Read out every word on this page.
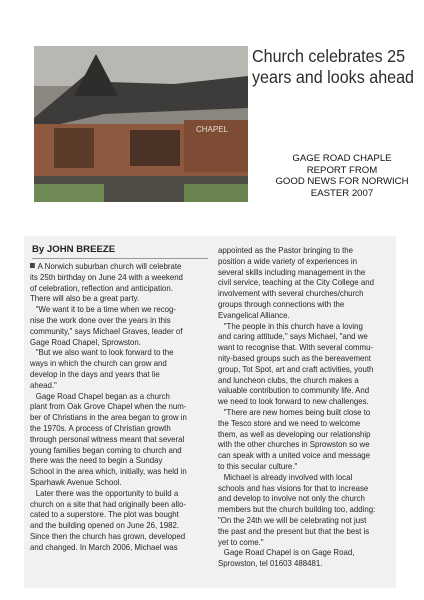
CHAPEL
Church celebrates 25
years and looks ahead
GAGE ROAD CHAPLE
REPORT FROM
GOOD NEWS FOR NORWICH
EASTER 2007
By JOHN BREEZE

A Norwich suburban church will celebrate

its 25th birthday on June 24 with a weekend

of celebration, reflection and anticipation.

There will also be a great party.

"We want it to be a time when we recog-

nise the work done over the years in this

community," says Michael Graves, leader of

Gage Road Chapel, Sprowston.

"But we also want to look forward to the

ways in which the church can grow and

develop in the days and years that lie

ahead."

Gage Road Chapel began as a church

plant from Oak Grove Chapel when the num-

ber of Christians in the area began to grow in

the 1970s. A process of Christian growth

through personal witness meant that several

young families began coming to church and

there was the need to begin a Sunday

School in the area which, initially, was held in

Sparhawk Avenue School.

Later there was the opportunity to build a

church on a site that had originally been allo-

cated to a superstore. The plot was bought

and the building opened on June 26, 1982.

Since then the church has grown, developed

and changed. In March 2006, Michael was

appointed as the Pastor bringing to the

position a wide variety of experiences in

several skills including management in the

civil service, teaching at the City College and

involvement with several churches/church

groups through connections with the

Evangelical Alliance.

"The people in this church have a loving

and caring attitude," says Michael, "and we

want to recognise that. With several commu-

nity-based groups such as the bereavement

group, Tot Spot, art and craft activities, youth

and luncheon clubs, the church makes a

valuable contribution to community life. And

we need to look forward to new challenges.

"There are new homes being built close to

the Tesco store and we need to welcome

them, as well as developing our relationship

with the other churches in Sprowston so we

can speak with a united voice and message

to this secular culture."

Michael is already involved with local

schools and has visions for that to increase

and develop to involve not only the church

members but the church building too, adding:

"On the 24th we will be celebrating not just

the past and the present but that the best is

yet to come."

Gage Road Chapel is on Gage Road,

Sprowston, tel 01603 488481.
